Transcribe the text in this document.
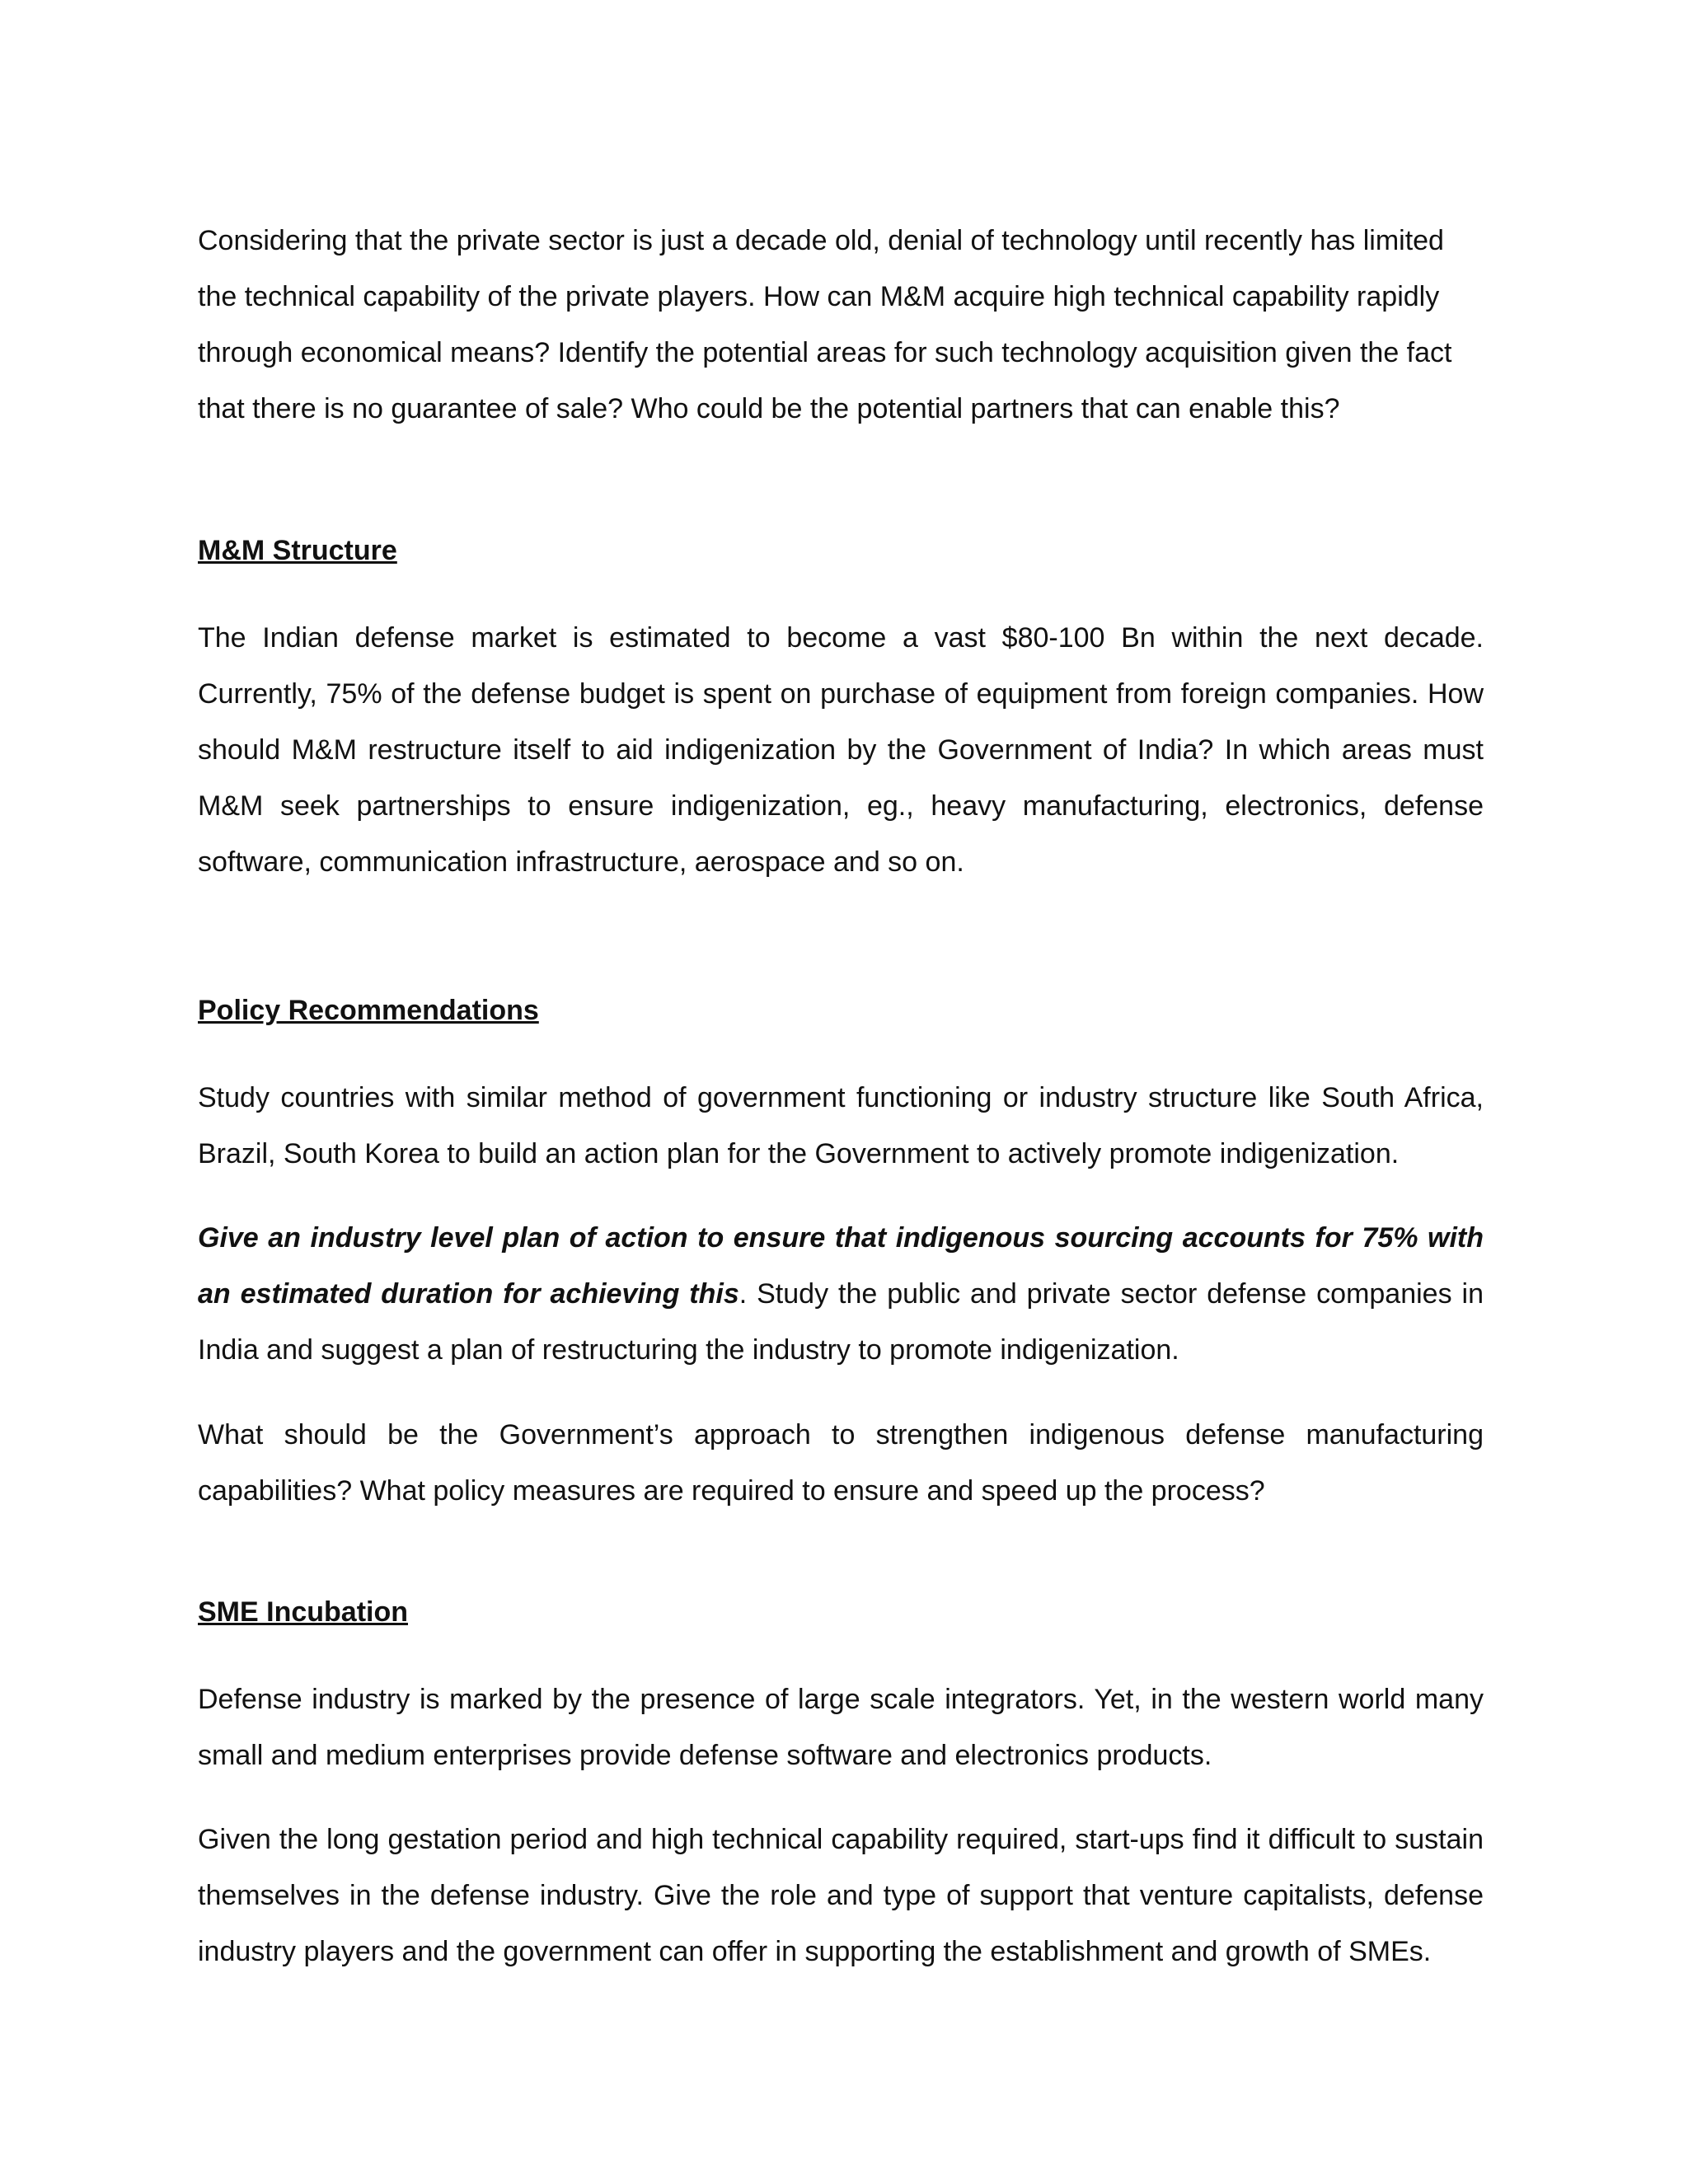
Considering that the private sector is just a decade old, denial of technology until recently has limited the technical capability of the private players. How can M&M acquire high technical capability rapidly through economical means? Identify the potential areas for such technology acquisition given the fact that there is no guarantee of sale? Who could be the potential partners that can enable this?

M&M Structure

The Indian defense market is estimated to become a vast $80-100 Bn within the next decade. Currently, 75% of the defense budget is spent on purchase of equipment from foreign companies. How should M&M restructure itself to aid indigenization by the Government of India? In which areas must M&M seek partnerships to ensure indigenization, eg., heavy manufacturing, electronics, defense software, communication infrastructure, aerospace and so on.

Policy Recommendations

Study countries with similar method of government functioning or industry structure like South Africa, Brazil, South Korea to build an action plan for the Government to actively promote indigenization.

Give an industry level plan of action to ensure that indigenous sourcing accounts for 75% with an estimated duration for achieving this. Study the public and private sector defense companies in India and suggest a plan of restructuring the industry to promote indigenization.

What should be the Government’s approach to strengthen indigenous defense manufacturing capabilities? What policy measures are required to ensure and speed up the process?

SME Incubation

Defense industry is marked by the presence of large scale integrators. Yet, in the western world many small and medium enterprises provide defense software and electronics products.

Given the long gestation period and high technical capability required, start-ups find it difficult to sustain themselves in the defense industry. Give the role and type of support that venture capitalists, defense industry players and the government can offer in supporting the establishment and growth of SMEs.
